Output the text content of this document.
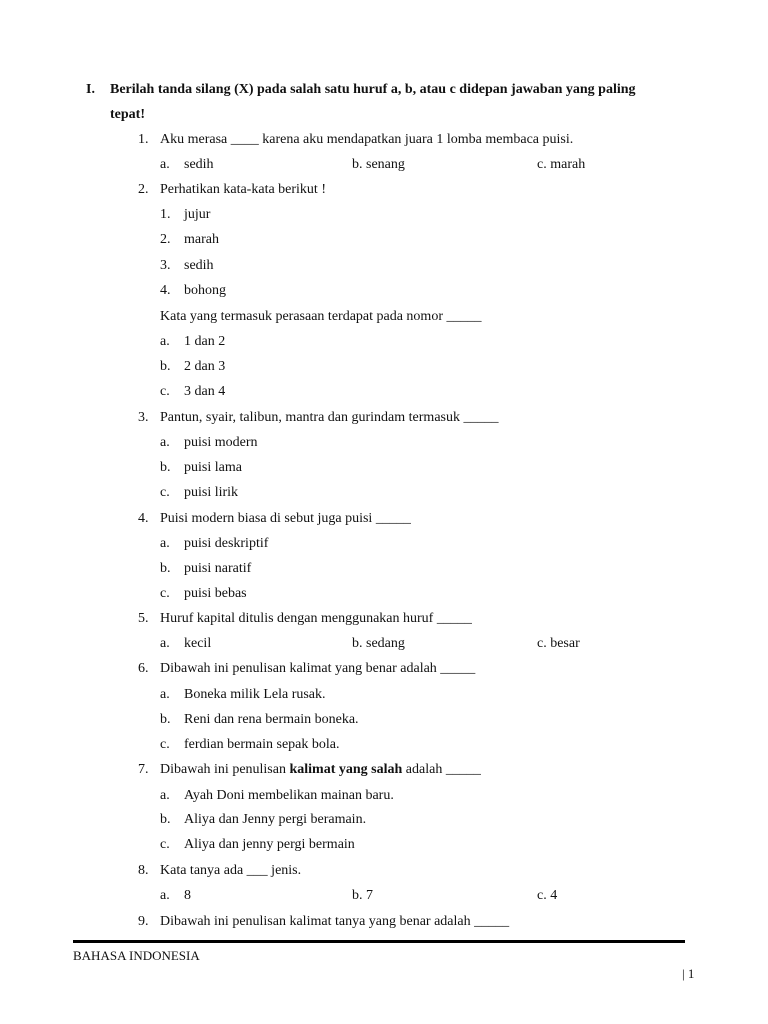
I. Berilah tanda silang (X) pada salah satu huruf a, b, atau c didepan jawaban yang paling
tepat!
1. Aku merasa ____ karena aku mendapatkan juara 1 lomba membaca puisi.
a. sedih	b. senang	c. marah
2. Perhatikan kata-kata berikut !
1. jujur
2. marah
3. sedih
4. bohong
Kata yang termasuk perasaan terdapat pada nomor _____
a. 1 dan 2
b. 2 dan 3
c. 3 dan 4
3. Pantun, syair, talibun, mantra dan gurindam termasuk _____
a. puisi modern
b. puisi lama
c. puisi lirik
4. Puisi modern biasa di sebut juga puisi _____
a. puisi deskriptif
b. puisi naratif
c. puisi bebas
5. Huruf kapital ditulis dengan menggunakan huruf _____
a. kecil	b. sedang	c. besar
6. Dibawah ini penulisan kalimat yang benar adalah _____
a. Boneka milik Lela rusak.
b. Reni dan rena bermain boneka.
c. ferdian bermain sepak bola.
7. Dibawah ini penulisan kalimat yang salah adalah _____
a. Ayah Doni membelikan mainan baru.
b. Aliya dan Jenny pergi beramain.
c. Aliya dan jenny pergi bermain
8. Kata tanya ada ___ jenis.
a. 8	b. 7	c. 4
9. Dibawah ini penulisan kalimat tanya yang benar adalah _____
BAHASA INDONESIA
| 1
